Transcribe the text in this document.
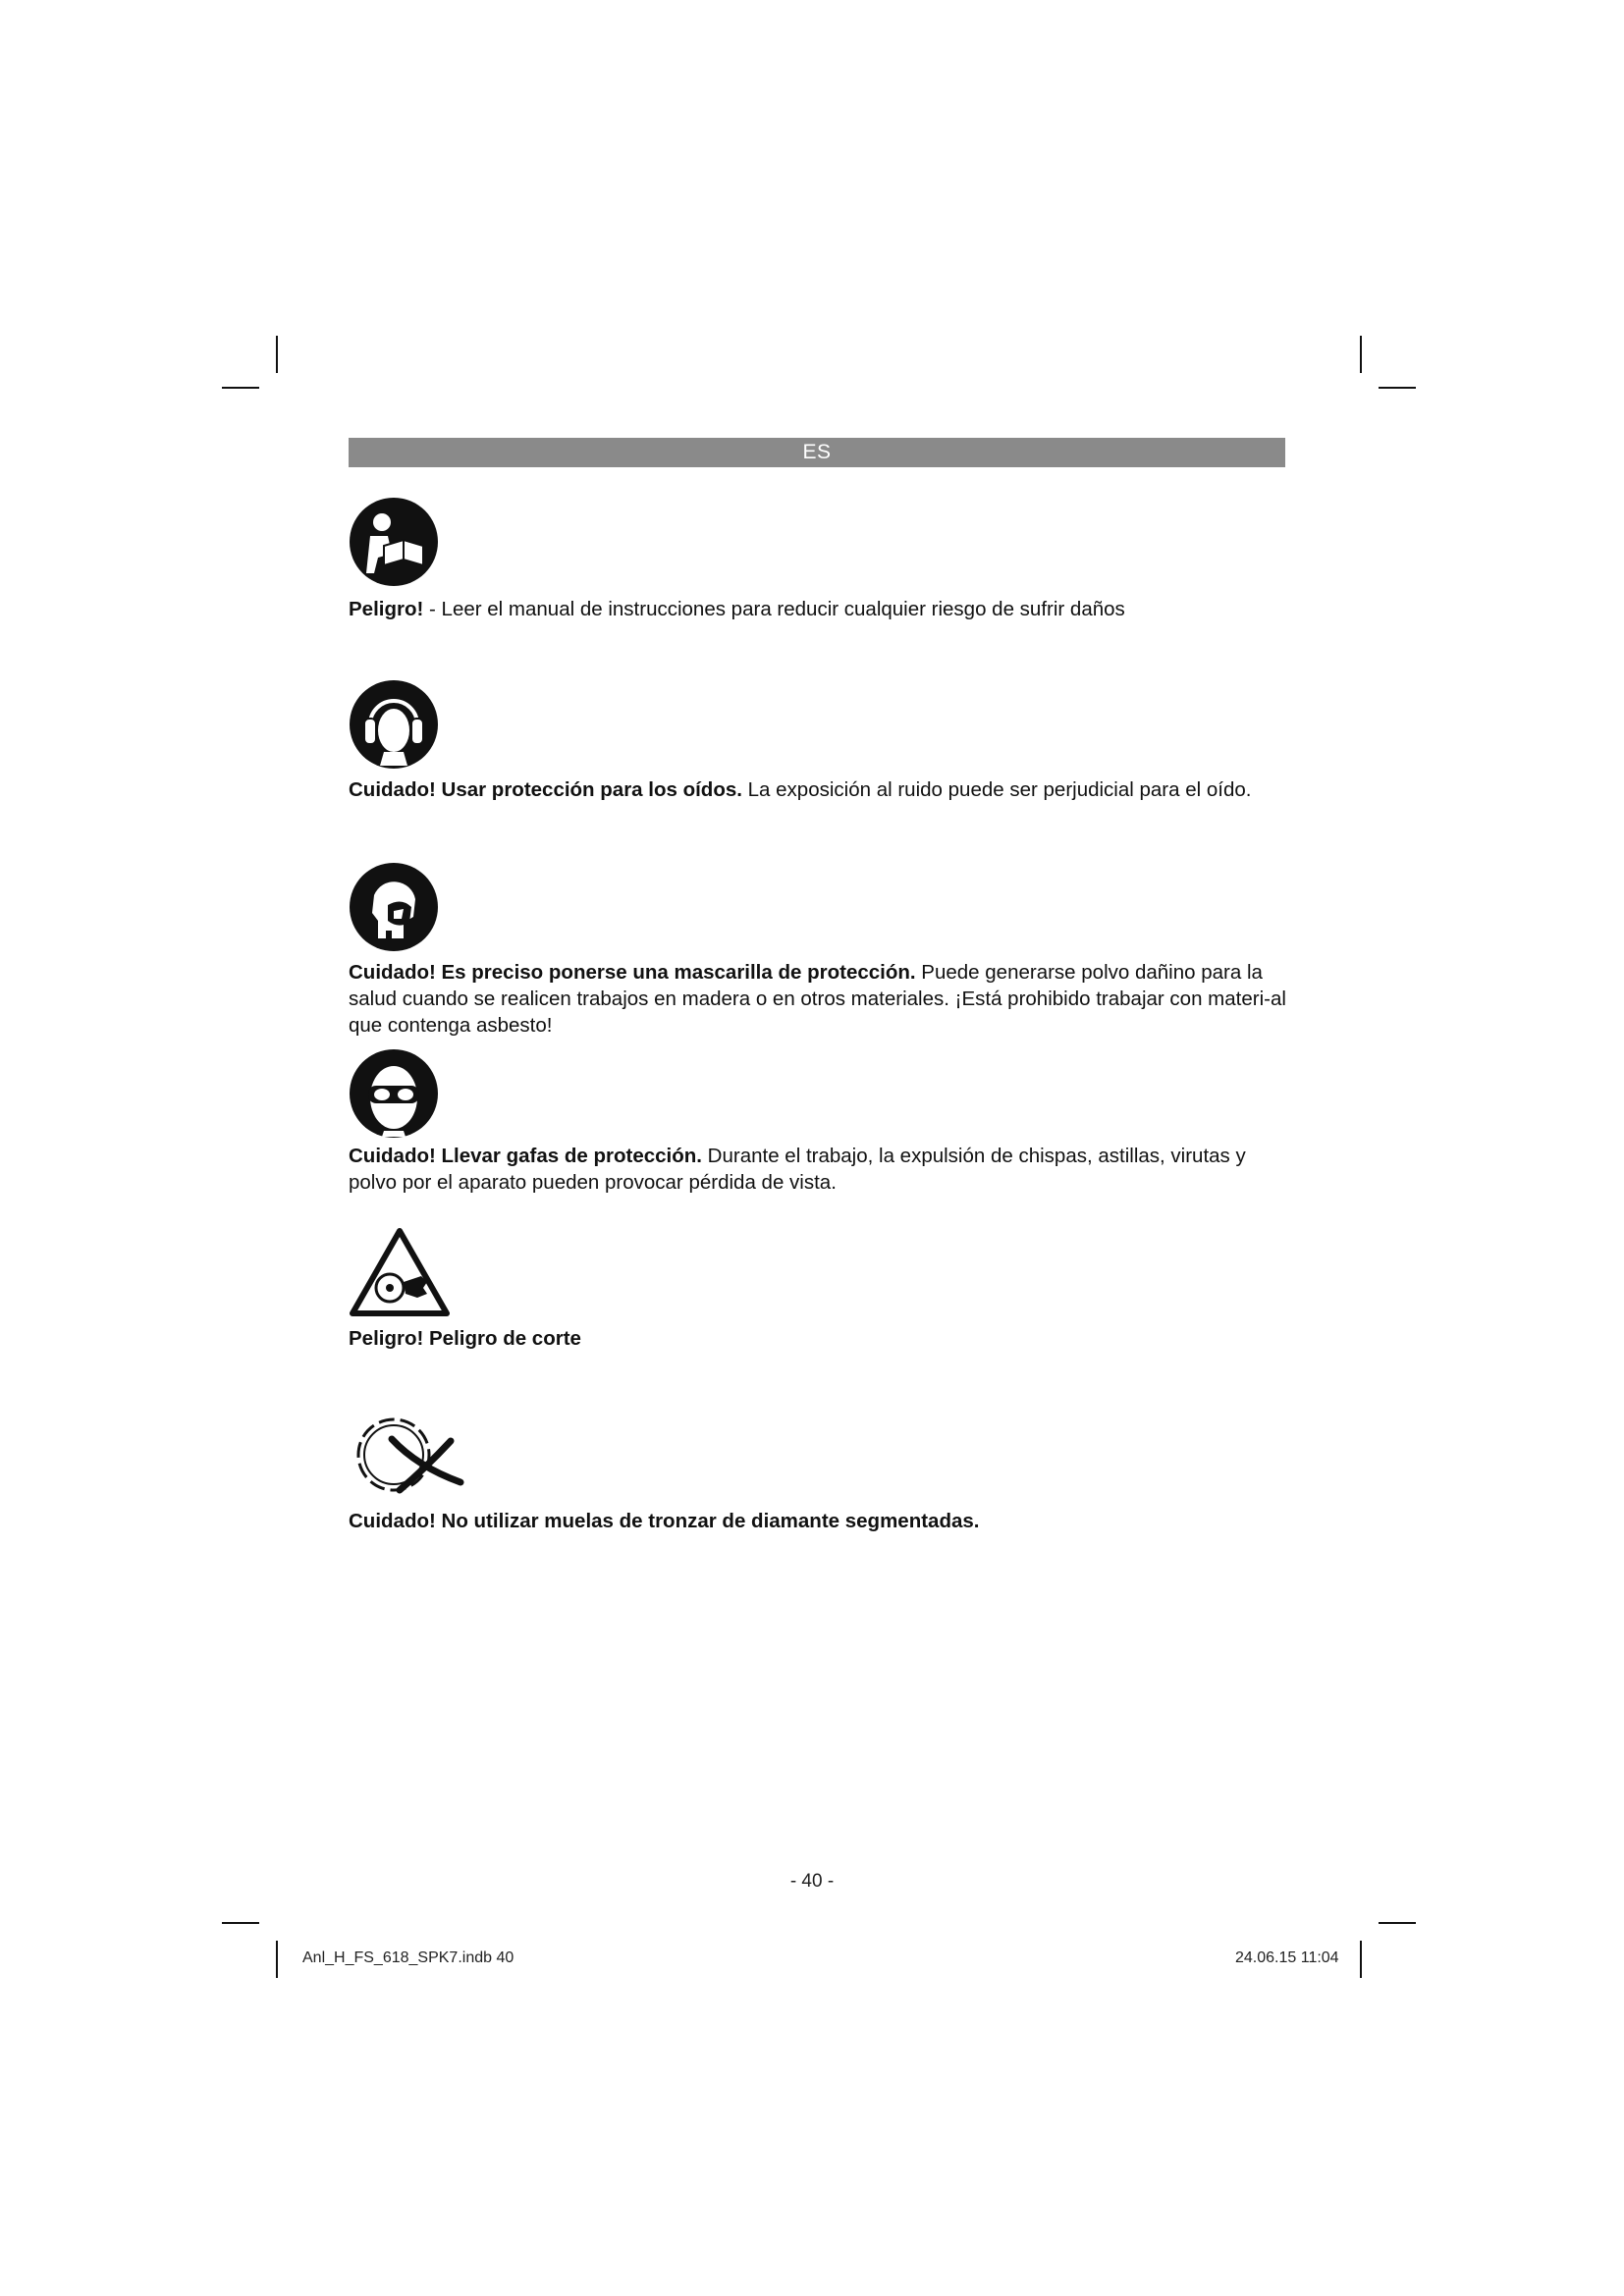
ES
Peligro! - Leer el manual de instrucciones para reducir cualquier riesgo de sufrir daños
Cuidado! Usar protección para los oídos. La exposición al ruido puede ser perjudicial para el oído.
Cuidado! Es preciso ponerse una mascarilla de protección. Puede generarse polvo dañino para la salud cuando se realicen trabajos en madera o en otros materiales. ¡Está prohibido trabajar con materi-al que contenga asbesto!
Cuidado! Llevar gafas de protección. Durante el trabajo, la expulsión de chispas, astillas, virutas y polvo por el aparato pueden provocar pérdida de vista.
Peligro! Peligro de corte
Cuidado! No utilizar muelas de tronzar de diamante segmentadas.
- 40 -
Anl_H_FS_618_SPK7.indb 40	24.06.15 11:04
